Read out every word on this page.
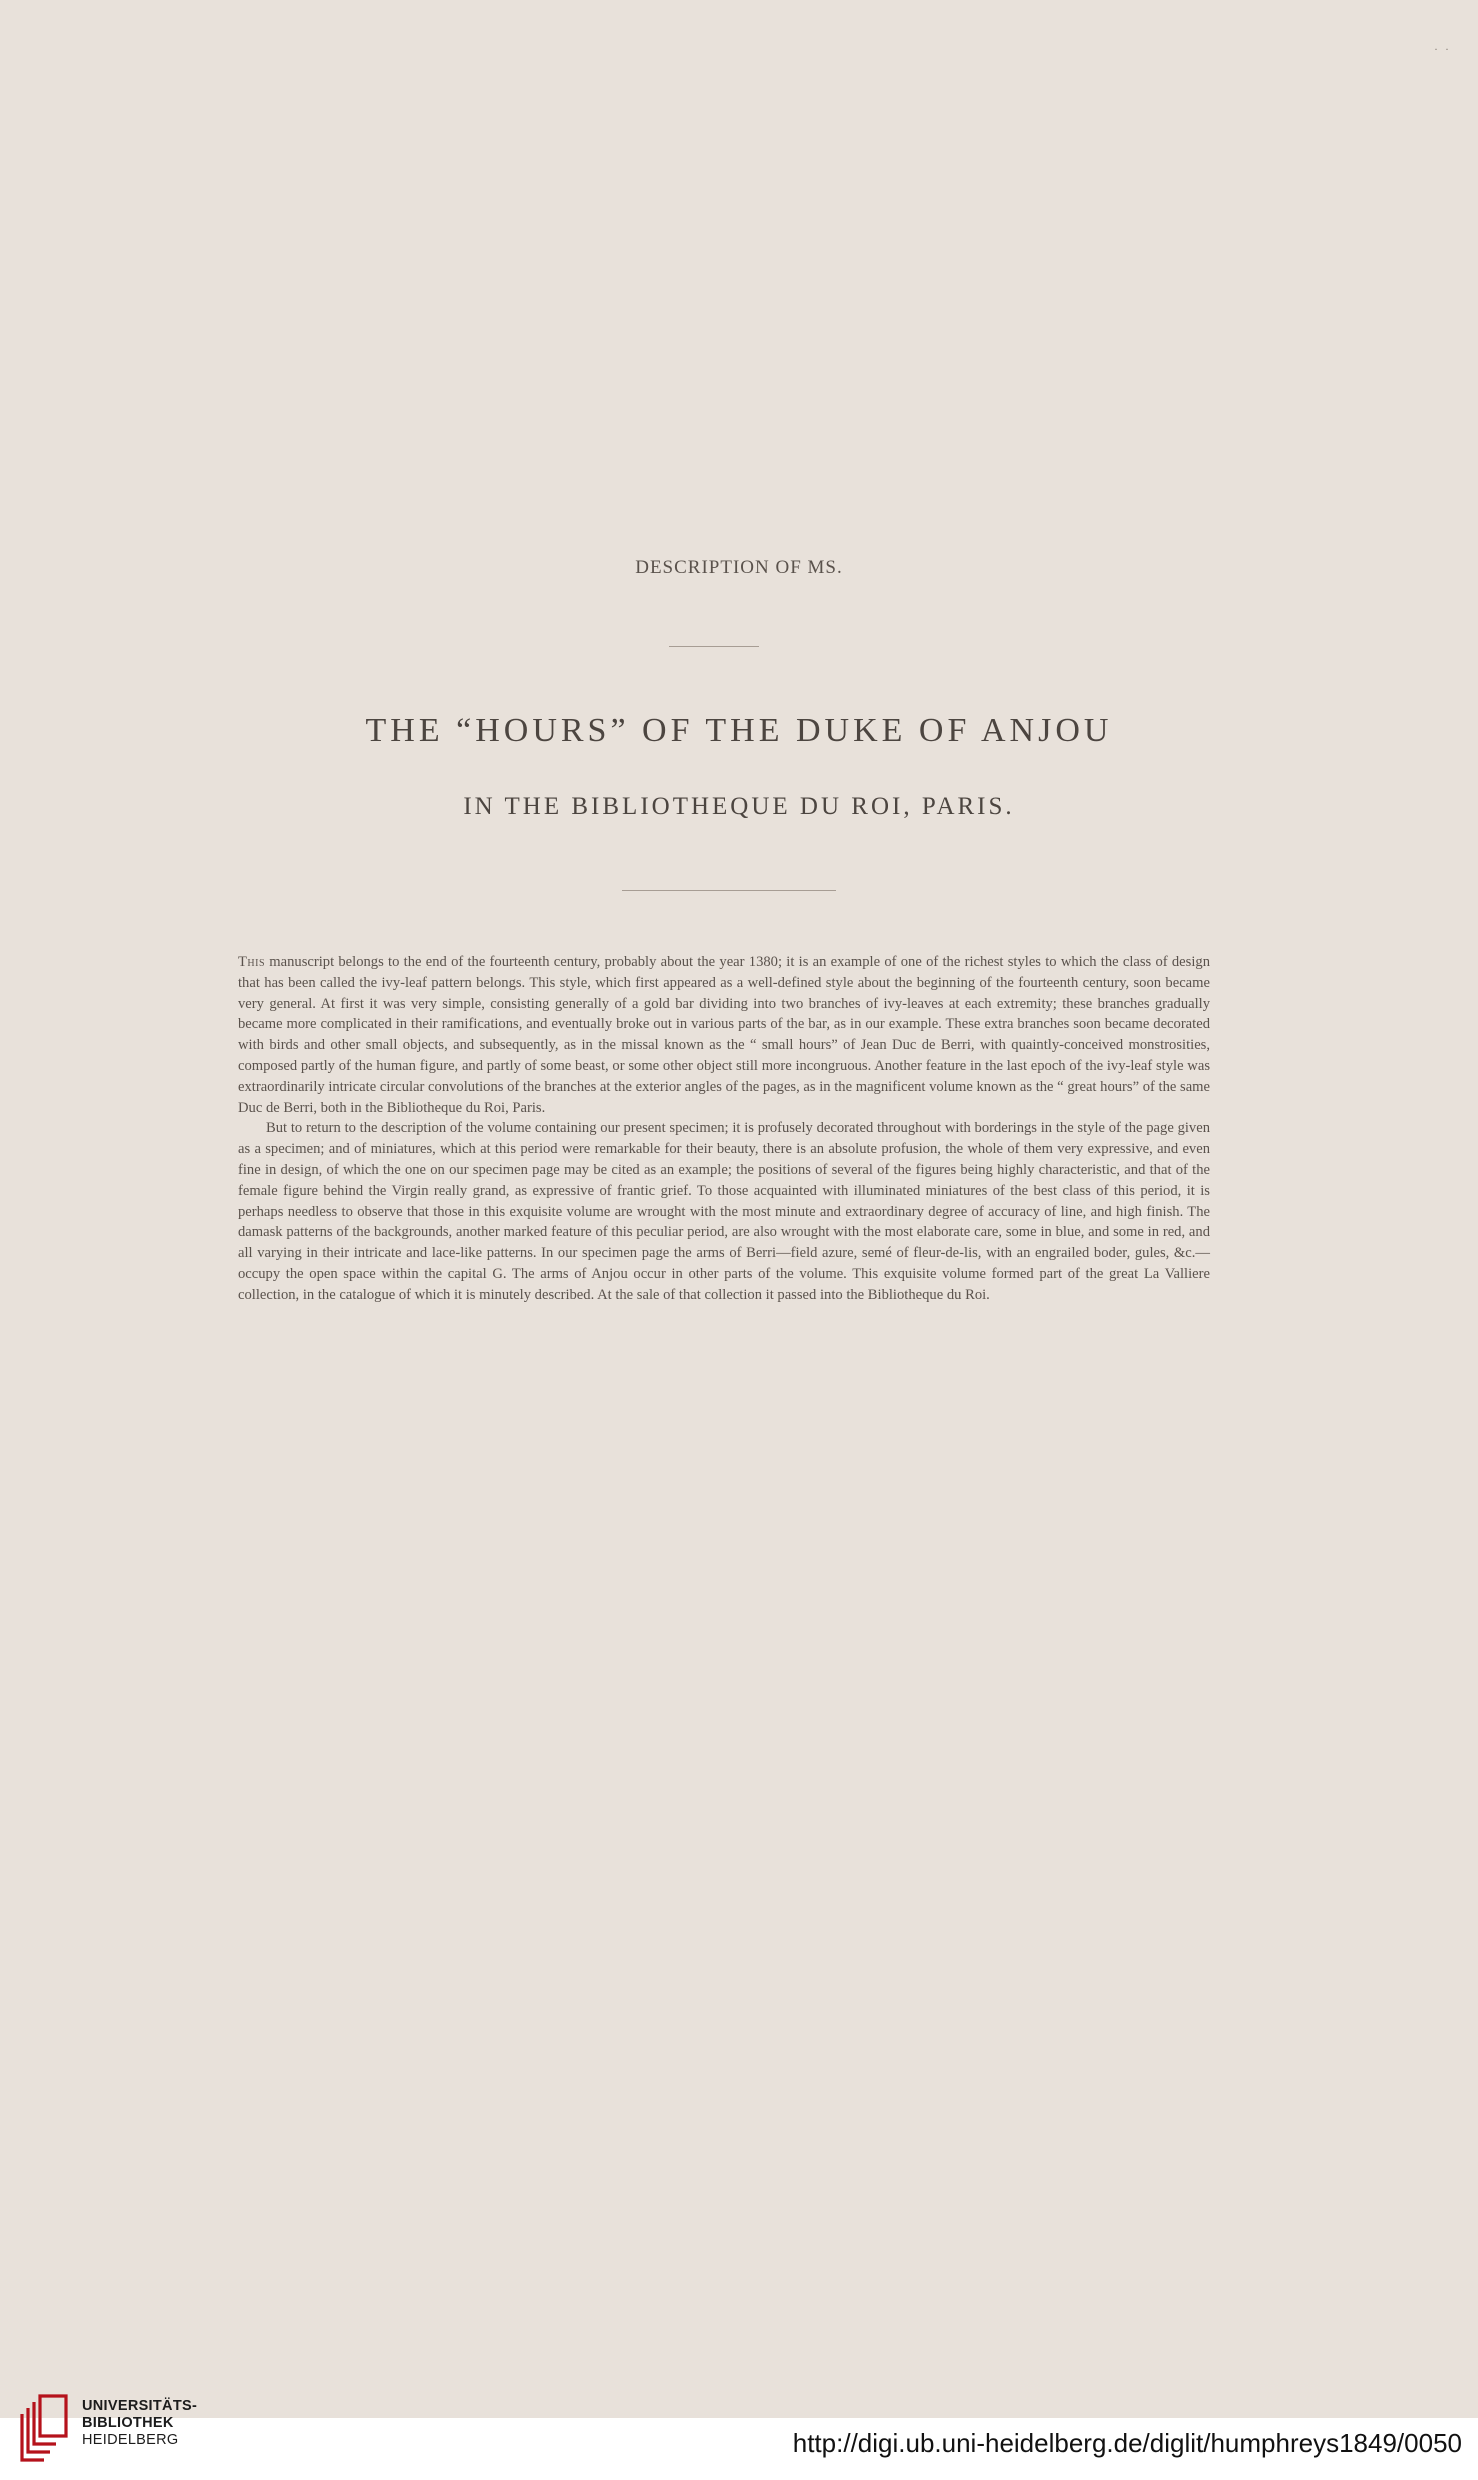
· ·
DESCRIPTION OF MS.
THE “HOURS” OF THE DUKE OF ANJOU
IN THE BIBLIOTHEQUE DU ROI, PARIS.

This manuscript belongs to the end of the fourteenth century, probably about the year 1380; it is an example of one of the richest styles to which the class of design that has been called the ivy-leaf pattern belongs. This style, which first appeared as a well-defined style about the beginning of the fourteenth century, soon became very general. At first it was very simple, consisting generally of a gold bar dividing into two branches of ivy-leaves at each extremity; these branches gradually became more complicated in their ramifications, and eventually broke out in various parts of the bar, as in our example. These extra branches soon became decorated with birds and other small objects, and subsequently, as in the missal known as the “ small hours” of Jean Duc de Berri, with quaintly-conceived monstrosities, composed partly of the human figure, and partly of some beast, or some other object still more incongruous. Another feature in the last epoch of the ivy-leaf style was extraordinarily intricate circular convolutions of the branches at the exterior angles of the pages, as in the magnificent volume known as the “ great hours” of the same Duc de Berri, both in the Bibliotheque du Roi, Paris.

But to return to the description of the volume containing our present specimen; it is profusely decorated throughout with borderings in the style of the page given as a specimen; and of miniatures, which at this period were remarkable for their beauty, there is an absolute profusion, the whole of them very expressive, and even fine in design, of which the one on our specimen page may be cited as an example; the positions of several of the figures being highly characteristic, and that of the female figure behind the Virgin really grand, as expressive of frantic grief. To those acquainted with illuminated miniatures of the best class of this period, it is perhaps needless to observe that those in this exquisite volume are wrought with the most minute and extraordinary degree of accuracy of line, and high finish. The damask patterns of the backgrounds, another marked feature of this peculiar period, are also wrought with the most elaborate care, some in blue, and some in red, and all varying in their intricate and lace-like patterns. In our specimen page the arms of Berri—field azure, semé of fleur-de-lis, with an engrailed boder, gules, &c.—occupy the open space within the capital G. The arms of Anjou occur in other parts of the volume. This exquisite volume formed part of the great La Valliere collection, in the catalogue of which it is minutely described. At the sale of that collection it passed into the Bibliotheque du Roi.

UNIVERSITÄTS-
BIBLIOTHEK
HEIDELBERG	http://digi.ub.uni-heidelberg.de/diglit/humphreys1849/0050
